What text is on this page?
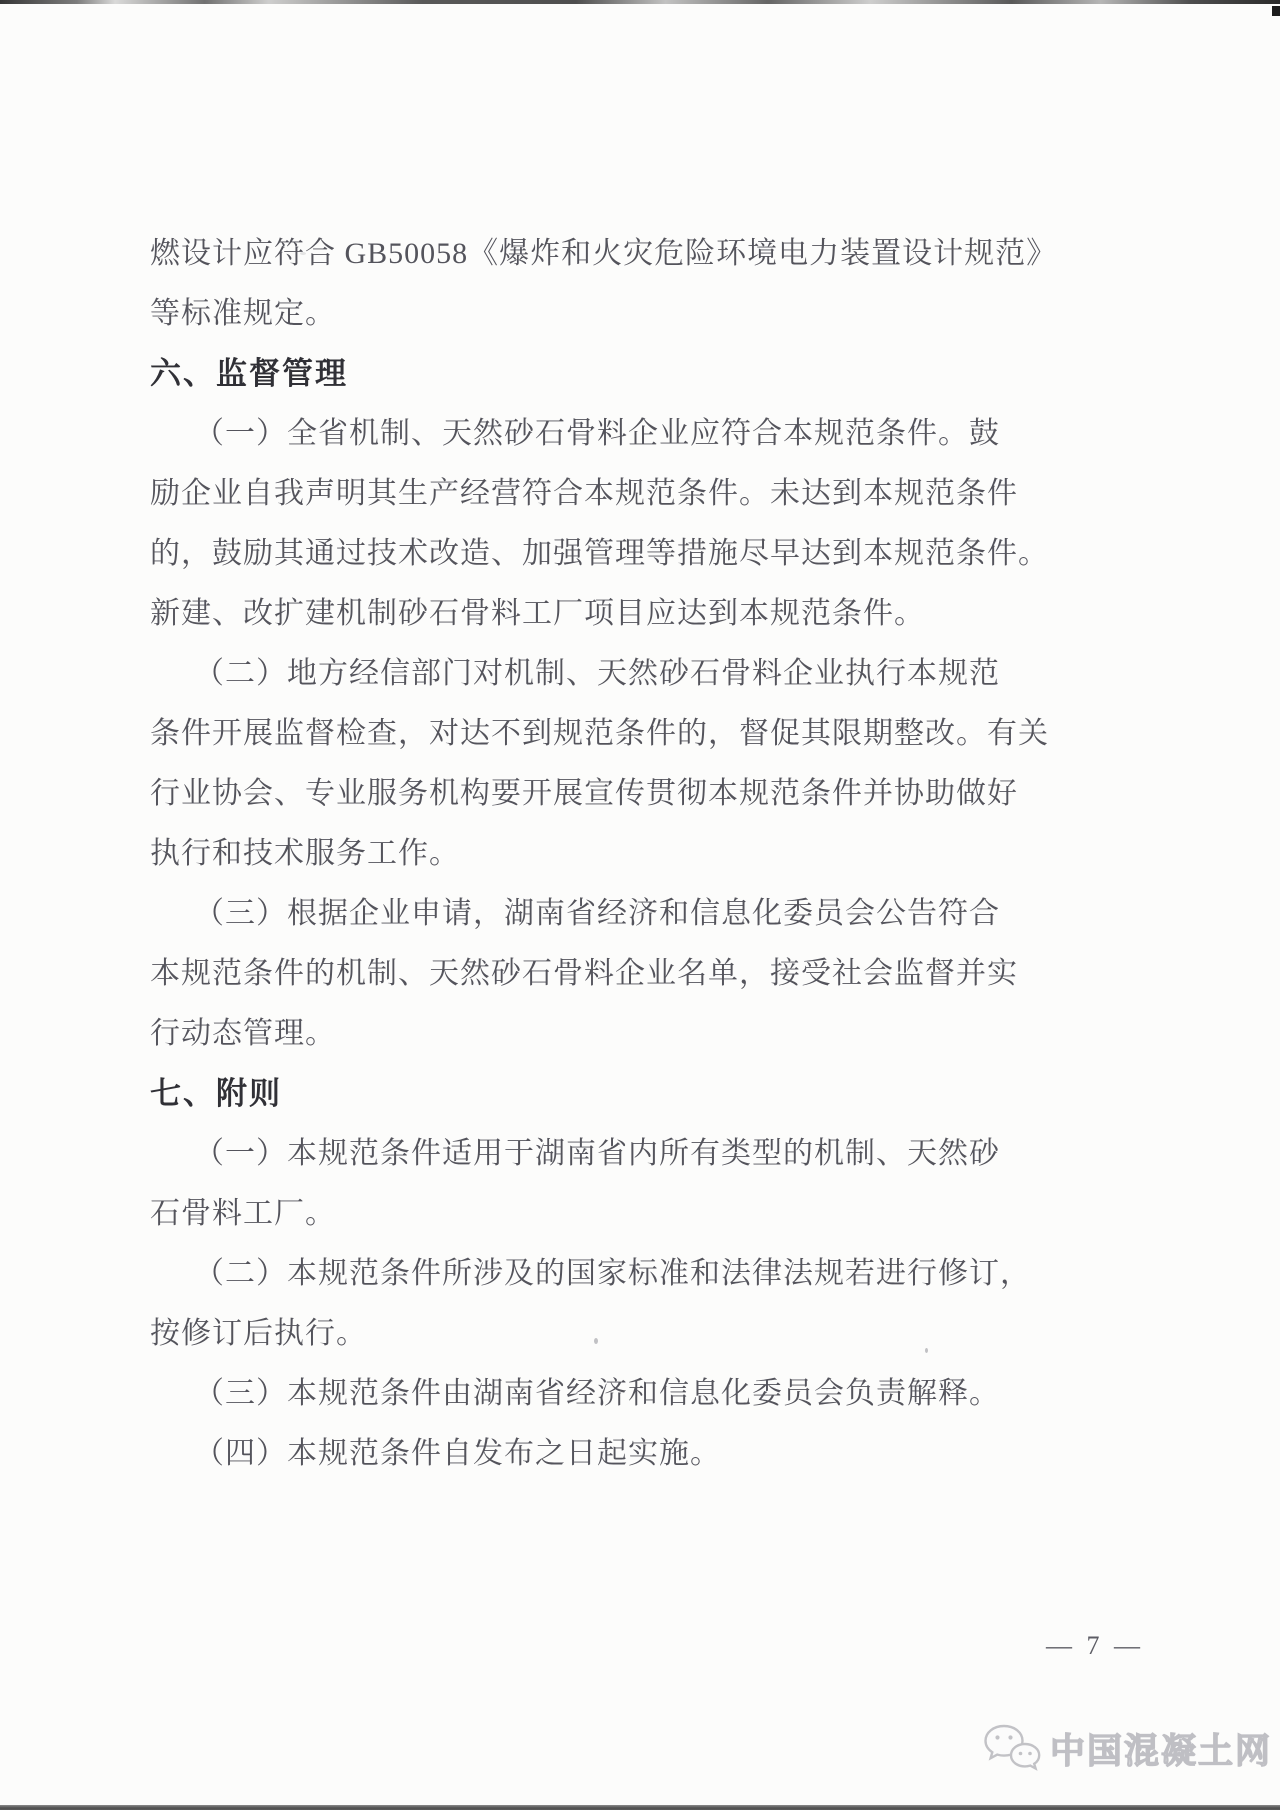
燃设计应符合 GB50058《爆炸和火灾危险环境电力装置设计规范》
等标准规定。
六、监督管理
（一）全省机制、天然砂石骨料企业应符合本规范条件。鼓
励企业自我声明其生产经营符合本规范条件。未达到本规范条件
的，鼓励其通过技术改造、加强管理等措施尽早达到本规范条件。
新建、改扩建机制砂石骨料工厂项目应达到本规范条件。
（二）地方经信部门对机制、天然砂石骨料企业执行本规范
条件开展监督检查，对达不到规范条件的，督促其限期整改。有关
行业协会、专业服务机构要开展宣传贯彻本规范条件并协助做好
执行和技术服务工作。
（三）根据企业申请，湖南省经济和信息化委员会公告符合
本规范条件的机制、天然砂石骨料企业名单，接受社会监督并实
行动态管理。
七、附则
（一）本规范条件适用于湖南省内所有类型的机制、天然砂
石骨料工厂。
（二）本规范条件所涉及的国家标准和法律法规若进行修订，
按修订后执行。
（三）本规范条件由湖南省经济和信息化委员会负责解释。
（四）本规范条件自发布之日起实施。
— 7 —
中国混凝土网
